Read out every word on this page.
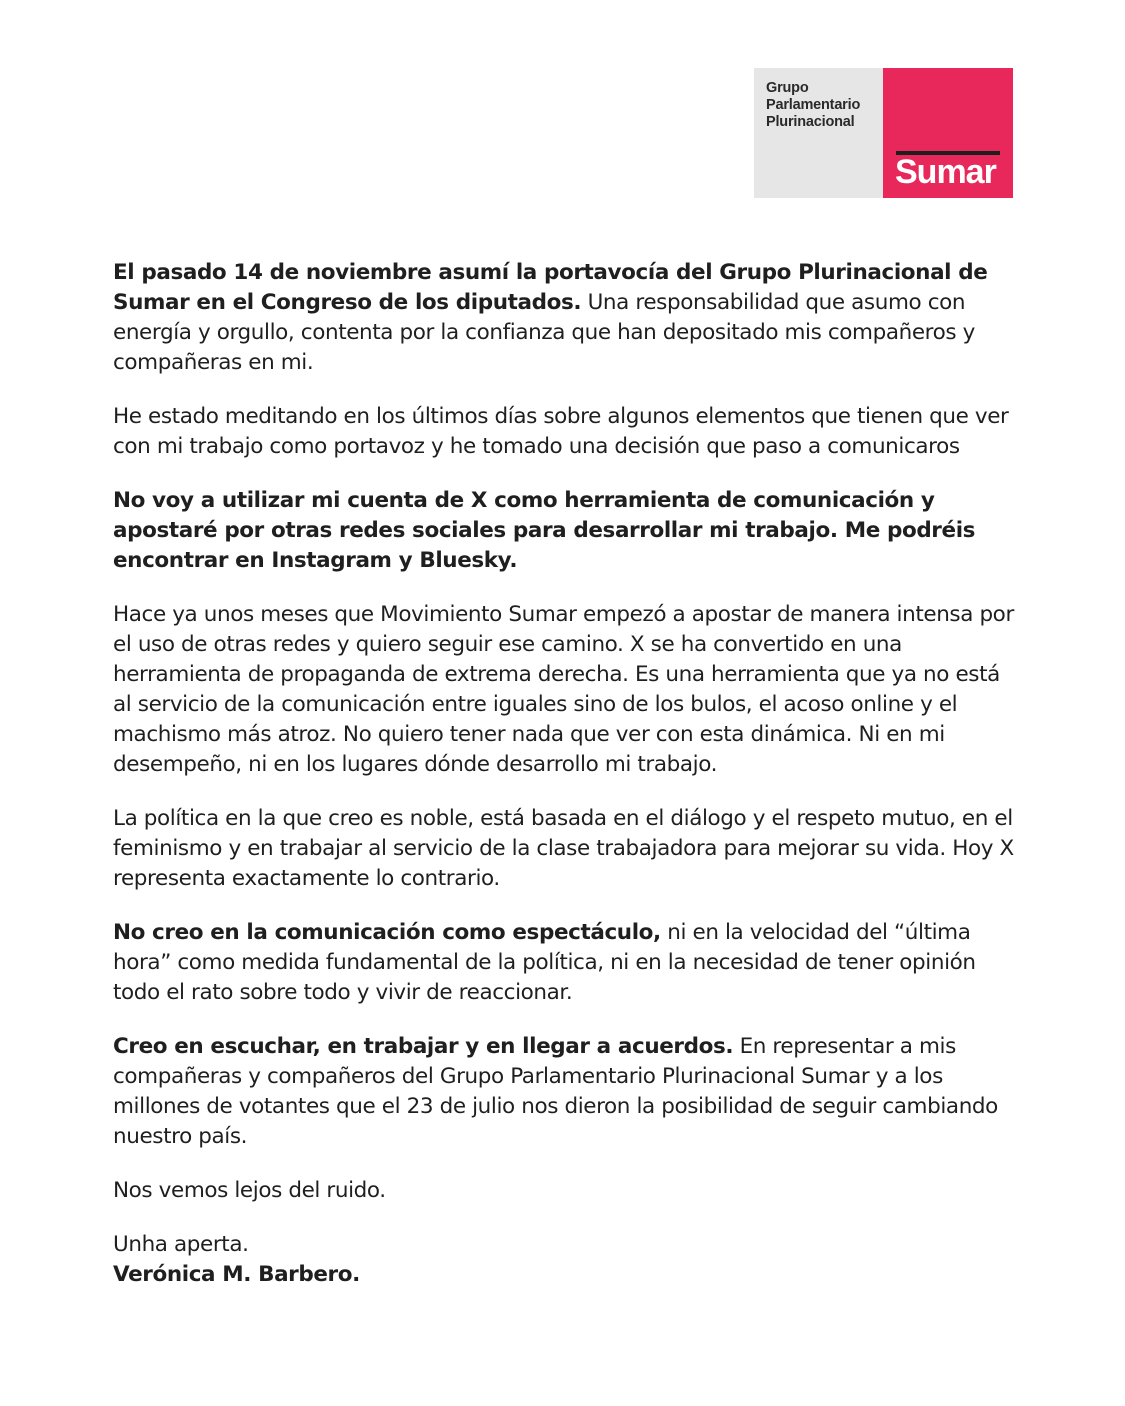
Grupo
Parlamentario
Plurinacional
Sumar

El pasado 14 de noviembre asumí la portavocía del Grupo Plurinacional de Sumar en el Congreso de los diputados. Una responsabilidad que asumo con energía y orgullo, contenta por la confianza que han depositado mis compañeros y compañeras en mi.

He estado meditando en los últimos días sobre algunos elementos que tienen que ver con mi trabajo como portavoz y he tomado una decisión que paso a comunicaros

No voy a utilizar mi cuenta de X como herramienta de comunicación y apostaré por otras redes sociales para desarrollar mi trabajo. Me podréis encontrar en Instagram y Bluesky.

Hace ya unos meses que Movimiento Sumar empezó a apostar de manera intensa por el uso de otras redes y quiero seguir ese camino. X se ha convertido en una herramienta de propaganda de extrema derecha. Es una herramienta que ya no está al servicio de la comunicación entre iguales sino de los bulos, el acoso online y el machismo más atroz. No quiero tener nada que ver con esta dinámica. Ni en mi desempeño, ni en los lugares dónde desarrollo mi trabajo.

La política en la que creo es noble, está basada en el diálogo y el respeto mutuo, en el feminismo y en trabajar al servicio de la clase trabajadora para mejorar su vida. Hoy X representa exactamente lo contrario.

No creo en la comunicación como espectáculo, ni en la velocidad del “última hora” como medida fundamental de la política, ni en la necesidad de tener opinión todo el rato sobre todo y vivir de reaccionar.

Creo en escuchar, en trabajar y en llegar a acuerdos. En representar a mis compañeras y compañeros del Grupo Parlamentario Plurinacional Sumar y a los millones de votantes que el 23 de julio nos dieron la posibilidad de seguir cambiando nuestro país.

Nos vemos lejos del ruido.

Unha aperta.

Verónica M. Barbero.
